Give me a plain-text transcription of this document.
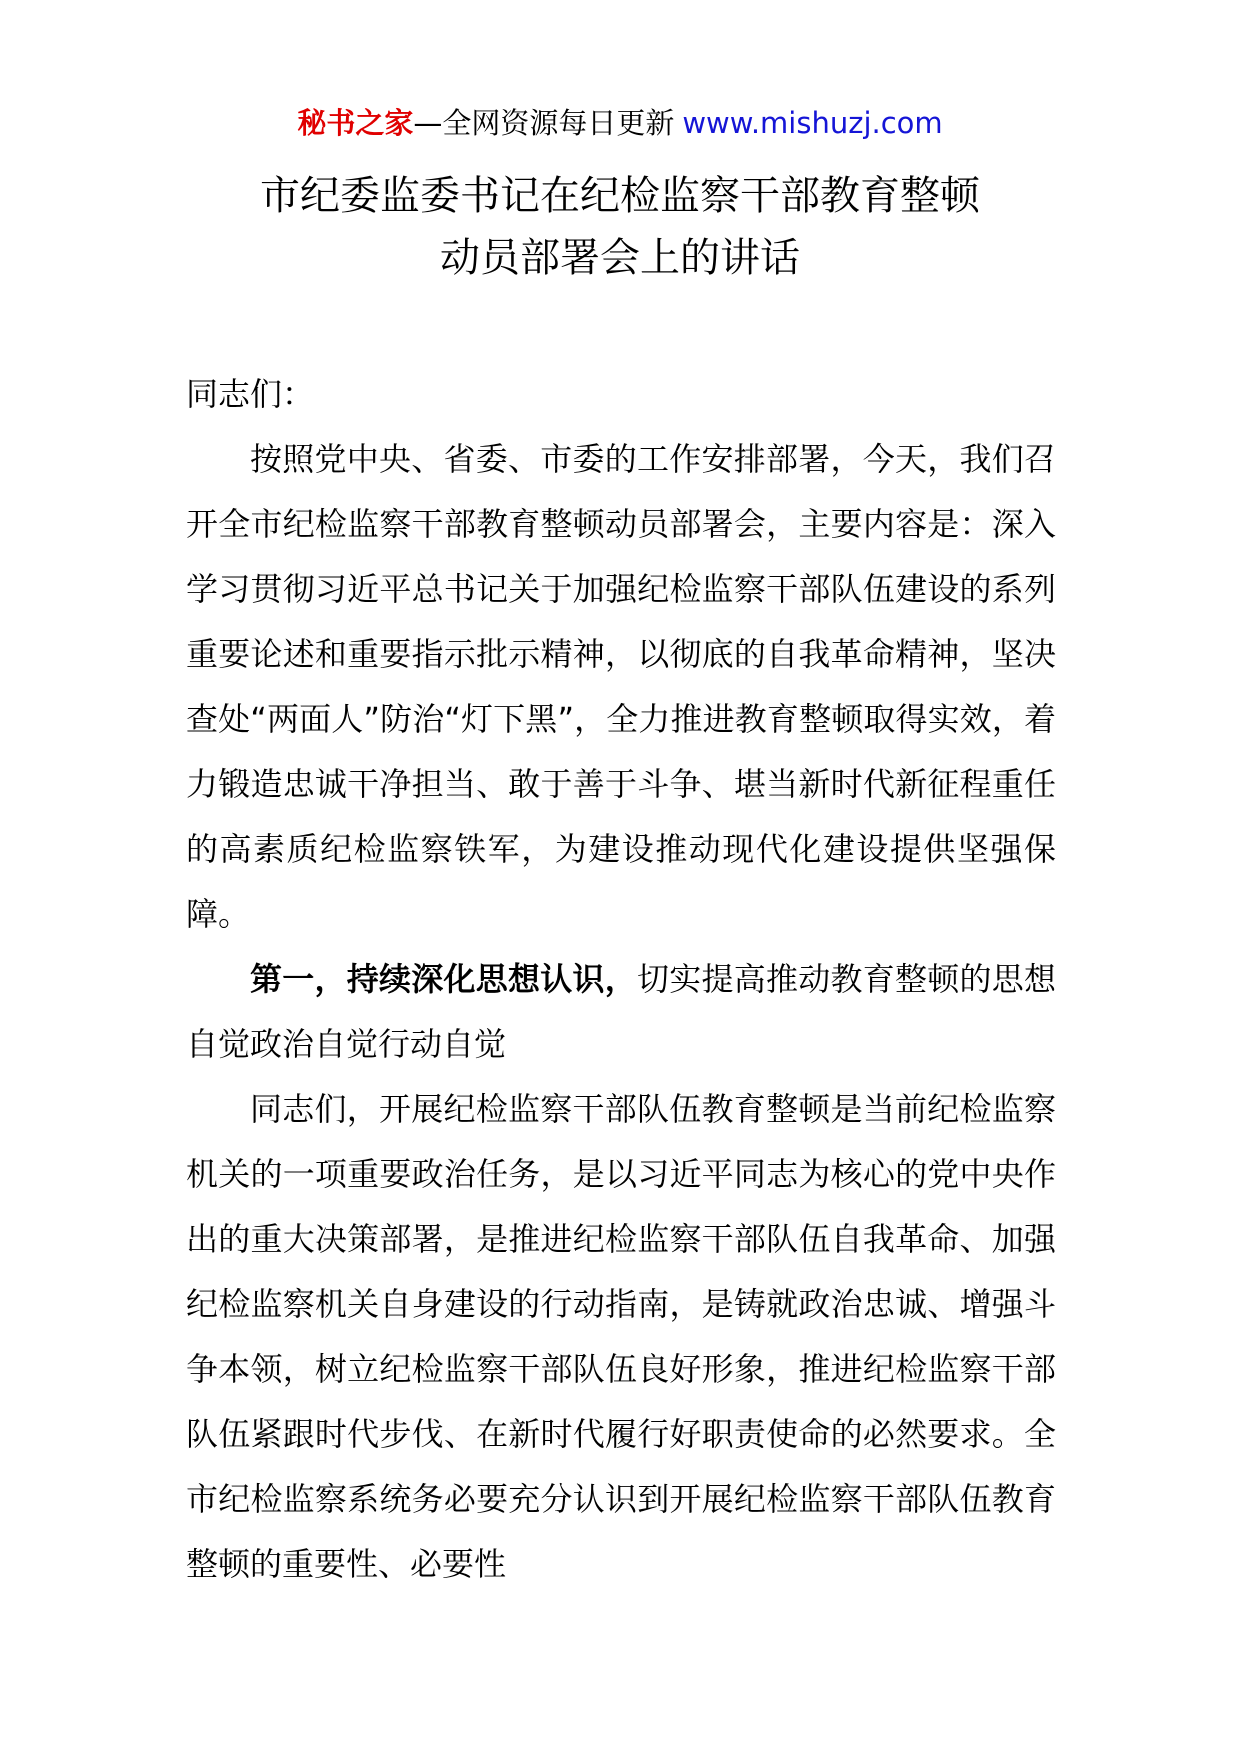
秘书之家—全网资源每日更新 www.mishuzj.com
市纪委监委书记在纪检监察干部教育整顿
动员部署会上的讲话

同志们：

按照党中央、省委、市委的工作安排部署，今天，我们召开全市纪检监察干部教育整顿动员部署会，主要内容是：深入学习贯彻习近平总书记关于加强纪检监察干部队伍建设的系列重要论述和重要指示批示精神，以彻底的自我革命精神，坚决查处“两面人”防治“灯下黑”，全力推进教育整顿取得实效，着力锻造忠诚干净担当、敢于善于斗争、堪当新时代新征程重任的高素质纪检监察铁军，为建设推动现代化建设提供坚强保障。

第一，持续深化思想认识，切实提高推动教育整顿的思想自觉政治自觉行动自觉

同志们，开展纪检监察干部队伍教育整顿是当前纪检监察机关的一项重要政治任务，是以习近平同志为核心的党中央作出的重大决策部署，是推进纪检监察干部队伍自我革命、加强纪检监察机关自身建设的行动指南，是铸就政治忠诚、增强斗争本领，树立纪检监察干部队伍良好形象，推进纪检监察干部队伍紧跟时代步伐、在新时代履行好职责使命的必然要求。全市纪检监察系统务必要充分认识到开展纪检监察干部队伍教育整顿的重要性、必要性
